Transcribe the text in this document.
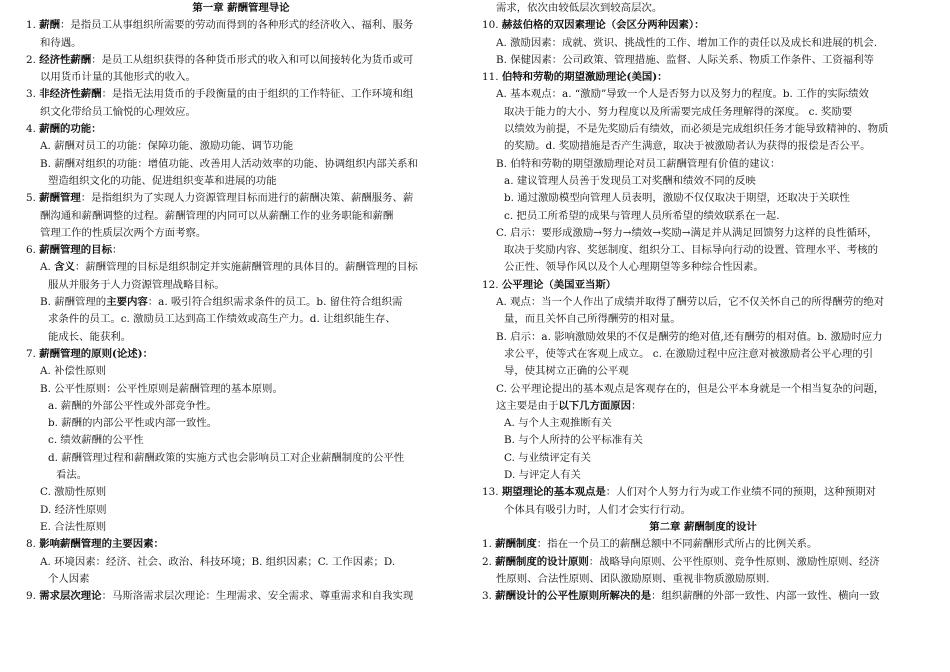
第一章 薪酬管理导论
1. 薪酬：是指员工从事组织所需要的劳动而得到的各种形式的经济收入、福利、服务
和待遇。
2. 经济性薪酬：是员工从组织获得的各种货币形式的收入和可以间接转化为货币或可
以用货币计量的其他形式的收入。
3. 非经济性薪酬：是指无法用货币的手段衡量的由于组织的工作特征、工作环境和组
织文化带给员工愉悦的心理效应。
4. 薪酬的功能：
A. 薪酬对员工的功能：保障功能、激励功能、调节功能
B. 薪酬对组织的功能：增值功能、改善用人活动效率的功能、协调组织内部关系和
塑造组织文化的功能、促进组织变革和进展的功能
5. 薪酬管理：是指组织为了实现人力资源管理目标而进行的薪酬决策、薪酬服务、薪
酬沟通和薪酬调整的过程。薪酬管理的内同可以从薪酬工作的业务职能和薪酬
管理工作的性质层次两个方面考察。
6. 薪酬管理的目标：
A. 含义：薪酬管理的目标是组织制定并实施薪酬管理的具体目的。薪酬管理的目标
服从并服务于人力资源管理战略目标。
B. 薪酬管理的主要内容：a. 吸引符合组织需求条件的员工。b. 留住符合组织需
求条件的员工。c. 激励员工达到高工作绩效或高生产力。d. 让组织能生存、
能成长、能获利。
7. 薪酬管理的原则(论述)：
A. 补偿性原则
B. 公平性原则：公平性原则是薪酬管理的基本原则。
a. 薪酬的外部公平性或外部竞争性。
b. 薪酬的内部公平性或内部一致性。
c. 绩效薪酬的公平性
d. 薪酬管理过程和薪酬政策的实施方式也会影响员工对企业薪酬制度的公平性
看法。
C. 激励性原则
D. 经济性原则
E. 合法性原则
8. 影响薪酬管理的主要因素：
A. 环境因素：经济、社会、政治、科技环境；B. 组织因素；C. 工作因素；D.
个人因素
9. 需求层次理论：马斯洛需求层次理论：生理需求、安全需求、尊重需求和自我实现
需求，依次由较低层次到较高层次。
10. 赫兹伯格的双因素理论（会区分两种因素）：
A. 激励因素：成就、赏识、挑战性的工作、增加工作的责任以及成长和进展的机会.
B. 保健因素：公司政策、管理措施、监督、人际关系、物质工作条件、工资福利等
11. 伯特和劳勒的期望激励理论(美国)：
A. 基本观点：a. “激励”导致一个人是否努力以及努力的程度。b. 工作的实际绩效
取决于能力的大小、努力程度以及所需要完成任务理解得的深度。 c. 奖励要
以绩效为前提，不是先奖励后有绩效，而必须是完成组织任务才能导致精神的、物质
的奖励。d. 奖励措施是否产生满意，取决于被激励者认为获得的报偿是否公平。
B. 伯特和劳勒的期望激励理论对员工薪酬管理有价值的建议：
a. 建议管理人员善于发现员工对奖酬和绩效不同的反映
b. 通过激励模型向管理人员表明，激励不仅仅取决于期望，还取决于关联性
c. 把员工所希望的成果与管理人员所希望的绩效联系在一起.
C. 启示：要形成激励→努力→绩效→奖励→满足并从满足回馈努力这样的良性循环，
取决于奖励内容、奖惩制度、组织分工、目标导向行动的设置、管理水平、考核的
公正性、领导作风以及个人心理期望等多种综合性因素。
12. 公平理论（美国亚当斯）
A. 观点：当一个人作出了成绩并取得了酬劳以后，它不仅关怀自己的所得酬劳的绝对
量，而且关怀自己所得酬劳的相对量。
B. 启示：a. 影响激励效果的不仅是酬劳的绝对值,还有酬劳的相对值。b. 激励时应力
求公平，使等式在客观上成立。 c. 在激励过程中应注意对被激励者公平心理的引
导，使其树立正确的公平观
C. 公平理论提出的基本观点是客观存在的，但是公平本身就是一个相当复杂的问题，
这主要是由于以下几方面原因：
A. 与个人主观推断有关
B. 与个人所持的公平标准有关
C. 与业绩评定有关
D. 与评定人有关
13. 期望理论的基本观点是：人们对个人努力行为或工作业绩不同的预期，这种预期对
个体具有吸引力时，人们才会实行行动。
第二章 薪酬制度的设计
1. 薪酬制度：指在一个员工的薪酬总额中不同薪酬形式所占的比例关系。
2. 薪酬制度的设计原则：战略导向原则、公平性原则、竞争性原则、激励性原则、经济
性原则、合法性原则、团队激励原则、重视非物质激励原则.
3. 薪酬设计的公平性原则所解决的是：组织薪酬的外部一致性、内部一致性、横向一致
